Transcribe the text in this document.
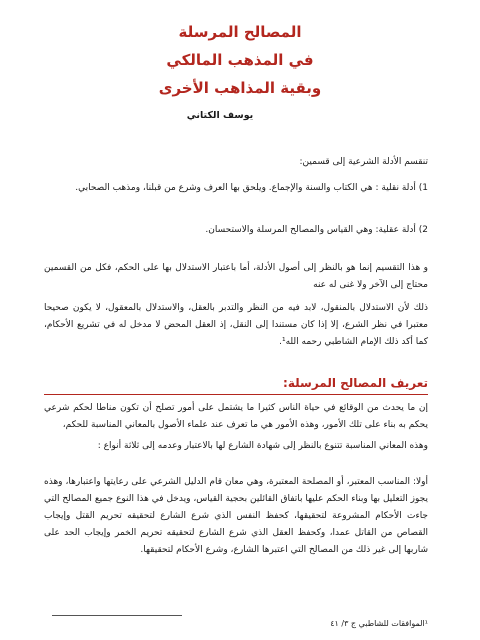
المصالح المرسلة
في المذهب المالكي
وبقية المذاهب الأخرى
يوسف الكتاني
تنقسم الأدلة الشرعية إلى قسمين:
1) أدلة نقلية : هي الكتاب والسنة والإجماع. ويلحق بها العرف وشرع من قبلنا، ومذهب الصحابي.
2) أدلة عقلية: وهي القياس والمصالح المرسلة والاستحسان.
و هذا التقسيم إنما هو بالنظر إلى أصول الأدلة، أما باعتبار الاستدلال بها على الحكم، فكل من القسمين محتاج إلى الآخر ولا غنى له عنه
ذلك لأن الاستدلال بالمنقول، لابد فيه من النظر والتدبر بالعقل، والاستدلال بالمعقول، لا يكون صحيحا معتبرا في نظر الشرع، إلا إذا كان مستندا إلى النقل، إذ العقل المحض لا مدخل له في تشريع الأحكام، كما أكد ذلك الإمام الشاطبي رحمه الله¹.
تعريف المصالح المرسلة:
إن ما يحدث من الوقائع في حياة الناس كثيرا ما يشتمل على أمور تصلح أن تكون مناطا لحكم شرعي يحكم به بناء على تلك الأمور، وهذه الأمور هي ما تعرف عند علماء الأصول بالمعاني المناسبة للحكم،
وهذه المعاني المناسبة تتنوع بالنظر إلى شهادة الشارع لها بالاعتبار وعدمه إلى ثلاثة أنواع :
أولا: المناسب المعتبر، أو المصلحة المعتبرة، وهي معان قام الدليل الشرعي على رعايتها واعتبارها، وهذه يجوز التعليل بها وبناء الحكم عليها باتفاق القائلين بحجية القياس، ويدخل في هذا النوع جميع المصالح التي جاءت الأحكام المشروعة لتحقيقها، كحفظ النفس الذي شرع الشارع لتحقيقه تحريم القتل وإيجاب القصاص من القاتل عمدا، وكحفظ العقل الذي شرع الشارع لتحقيقه تحريم الخمر وإيجاب الحد على شاربها إلى غير ذلك من المصالح التي اعتبرها الشارع، وشرع الأحكام لتحقيقها.
¹الموافقات للشاطبي ج ٣/ ٤١
